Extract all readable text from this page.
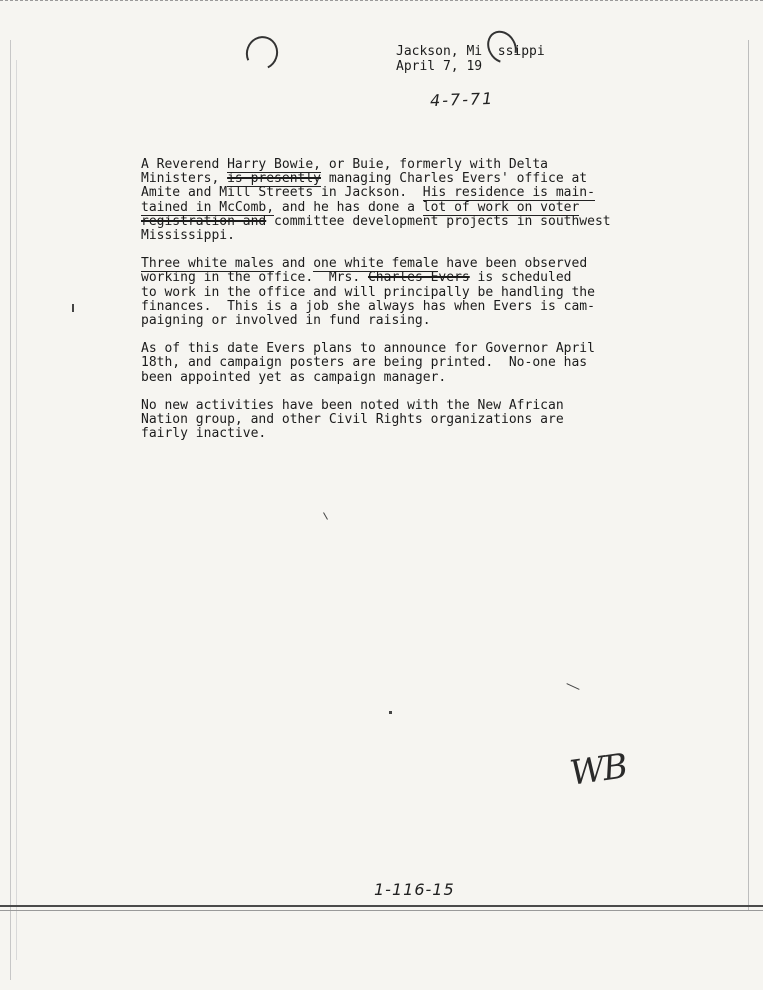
Jackson, Mi  ssippi
April 7, 19
4-7-71

A Reverend Harry Bowie, or Buie, formerly with Delta
Ministers, is presently managing Charles Evers' office at
Amite and Mill Streets in Jackson.  His residence is main-
tained in McComb, and he has done a lot of work on voter
registration and committee development projects in southwest
Mississippi.

Three white males and one white female have been observed
working in the office.  Mrs. Charles Evers is scheduled
to work in the office and will principally be handling the
finances.  This is a job she always has when Evers is cam-
paigning or involved in fund raising.

As of this date Evers plans to announce for Governor April
18th, and campaign posters are being printed.  No-one has
been appointed yet as campaign manager.

No new activities have been noted with the New African
Nation group, and other Civil Rights organizations are
fairly inactive.

WB
1-116-15
